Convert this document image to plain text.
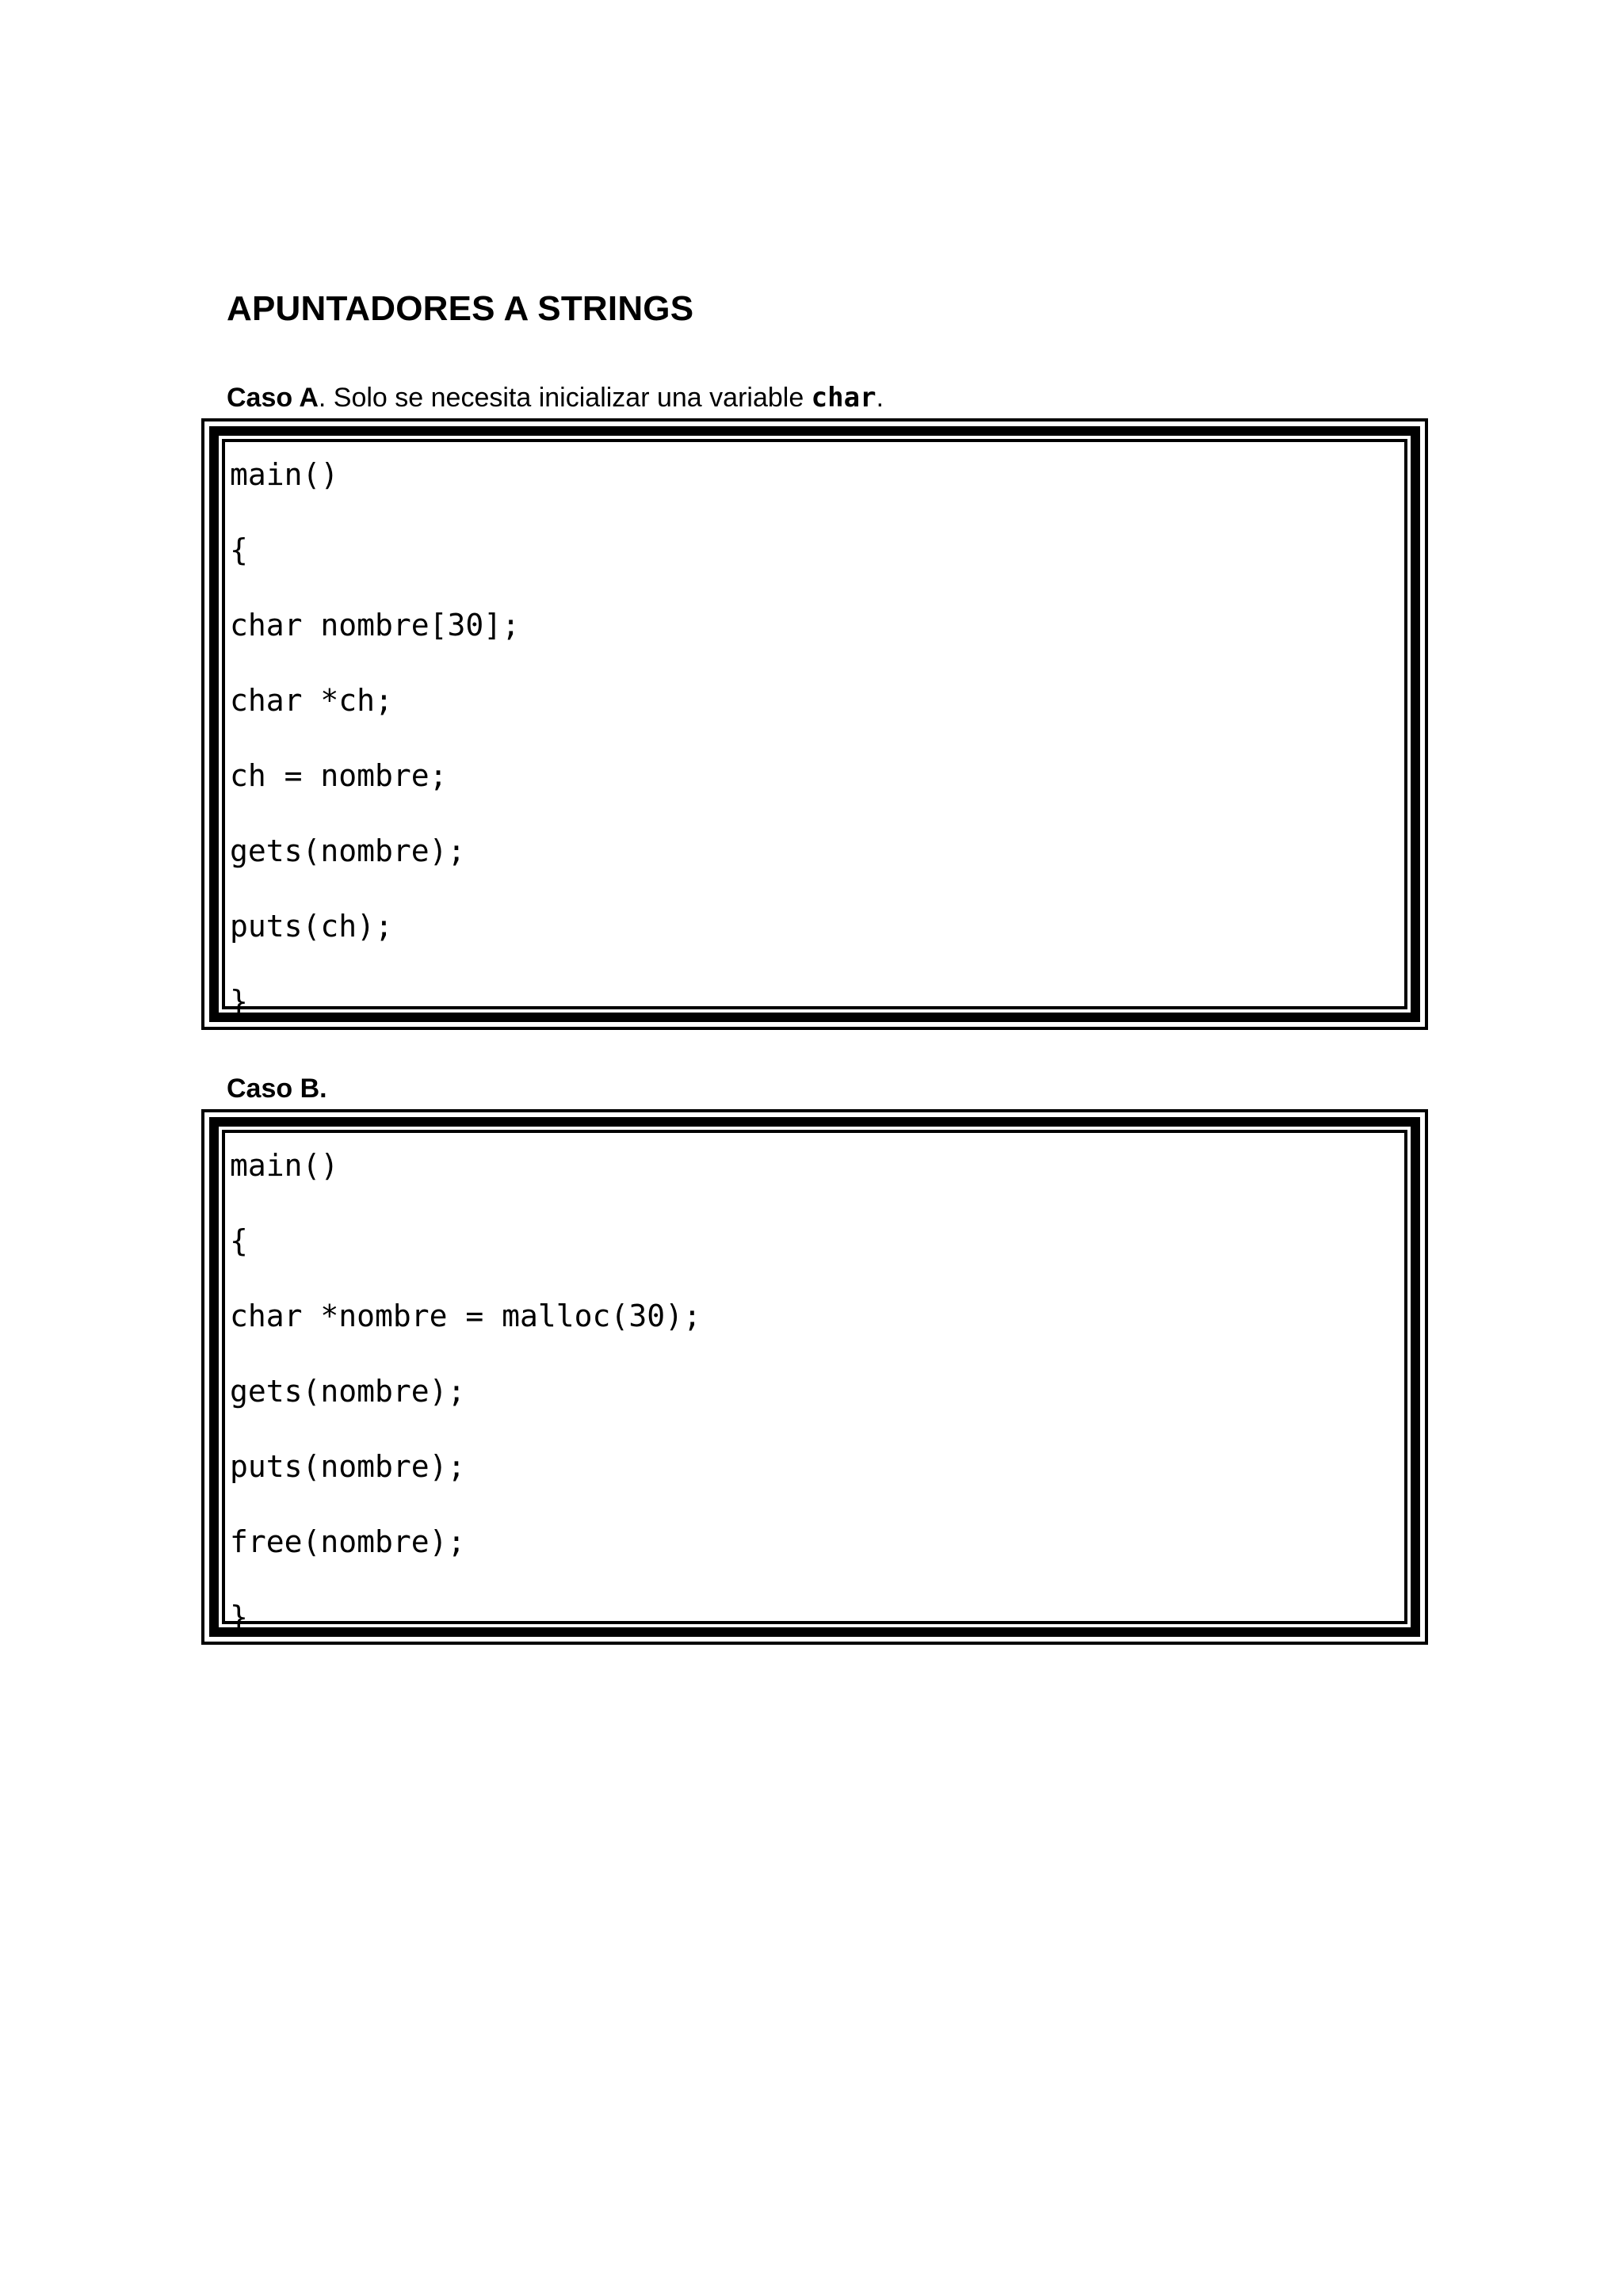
APUNTADORES A STRINGS
Caso A. Solo se necesita inicializar una variable char.
main()
{
char nombre[30];
char *ch;
ch = nombre;
gets(nombre);
puts(ch);
}
Caso B.
main()
{
char *nombre = malloc(30);
gets(nombre);
puts(nombre);
free(nombre);
}
